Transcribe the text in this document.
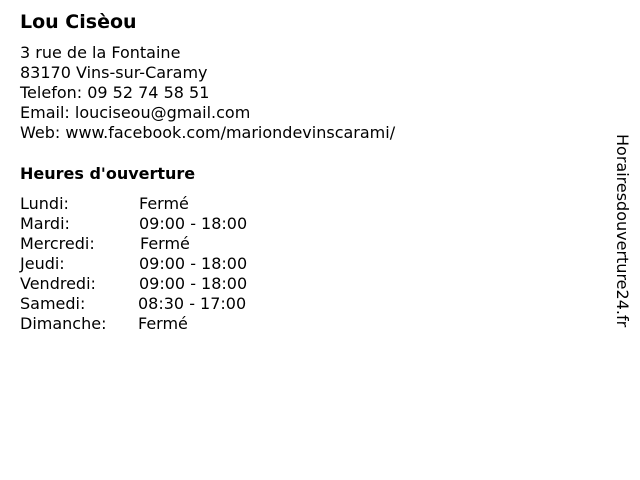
Lou Cisèou
3 rue de la Fontaine
83170 Vins-sur-Caramy
Telefon: 09 52 74 58 51
Email: louciseou@gmail.com
Web: www.facebook.com/mariondevinscarami/
Heures d'ouverture
Lundi:	Fermé
Mardi:	09:00 - 18:00
Mercredi:	Fermé
Jeudi:	09:00 - 18:00
Vendredi:	09:00 - 18:00
Samedi:	08:30 - 17:00
Dimanche: Fermé	Horairesdouverture24.fr
